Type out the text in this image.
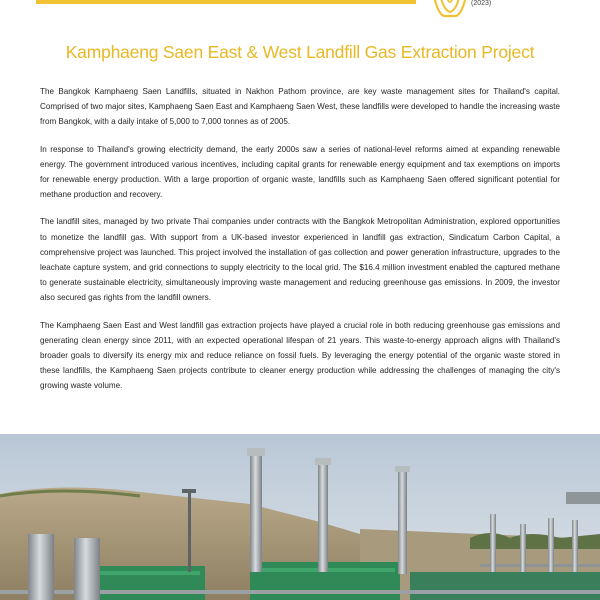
(2023)
Kamphaeng Saen East & West Landfill Gas Extraction Project

The Bangkok Kamphaeng Saen Landfills, situated in Nakhon Pathom province, are key waste management sites for Thailand's capital. Comprised of two major sites, Kamphaeng Saen East and Kamphaeng Saen West, these landfills were developed to handle the increasing waste from Bangkok, with a daily intake of 5,000 to 7,000 tonnes as of 2005.

In response to Thailand's growing electricity demand, the early 2000s saw a series of national-level reforms aimed at expanding renewable energy. The government introduced various incentives, including capital grants for renewable energy equipment and tax exemptions on imports for renewable energy production. With a large proportion of organic waste, landfills such as Kamphaeng Saen offered significant potential for methane production and recovery.

The landfill sites, managed by two private Thai companies under contracts with the Bangkok Metropolitan Administration, explored opportunities to monetize the landfill gas. With support from a UK-based investor experienced in landfill gas extraction, Sindicatum Carbon Capital, a comprehensive project was launched. This project involved the installation of gas collection and power generation infrastructure, upgrades to the leachate capture system, and grid connections to supply electricity to the local grid. The $16.4 million investment enabled the captured methane to generate sustainable electricity, simultaneously improving waste management and reducing greenhouse gas emissions. In 2009, the investor also secured gas rights from the landfill owners.

The Kamphaeng Saen East and West landfill gas extraction projects have played a crucial role in both reducing greenhouse gas emissions and generating clean energy since 2011, with an expected operational lifespan of 21 years. This waste-to-energy approach aligns with Thailand's broader goals to diversify its energy mix and reduce reliance on fossil fuels. By leveraging the energy potential of the organic waste stored in these landfills, the Kamphaeng Saen projects contribute to cleaner energy production while addressing the challenges of managing the city's growing waste volume.
